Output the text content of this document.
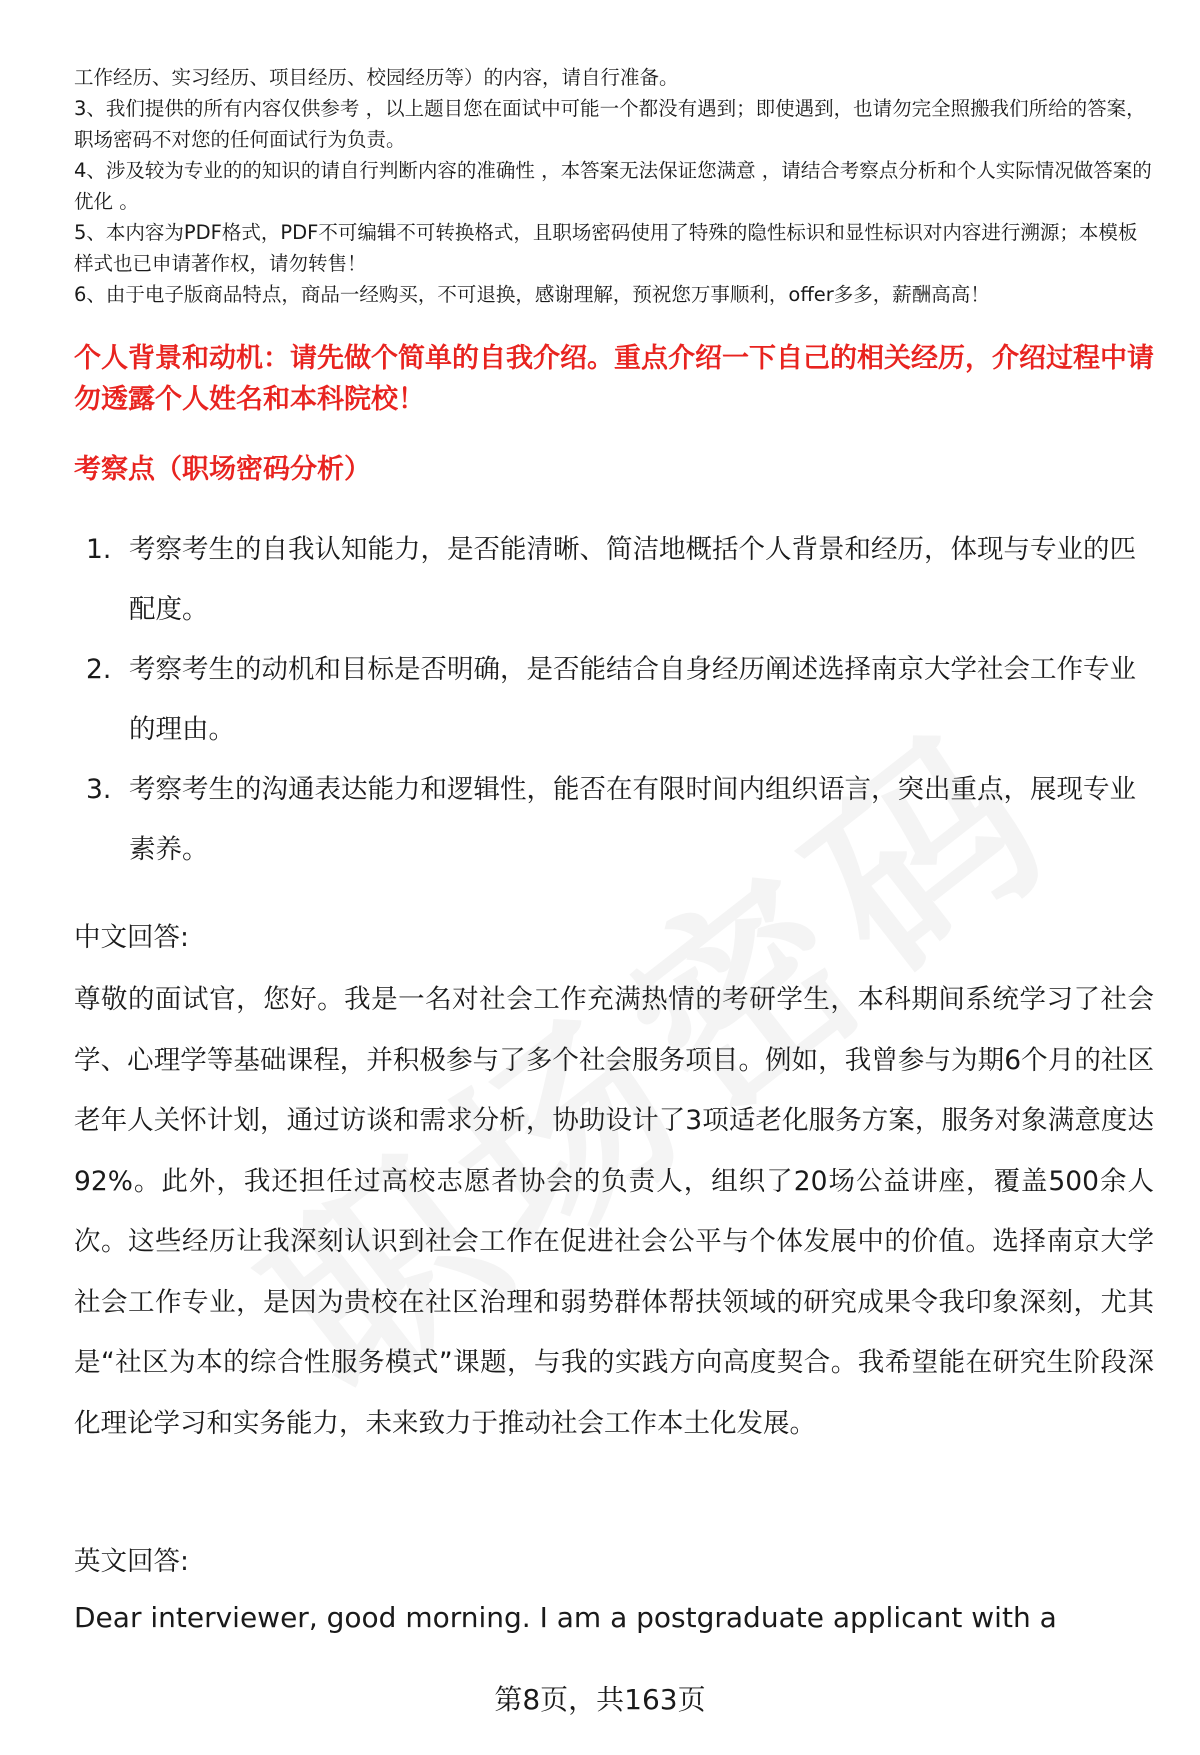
工作经历、实习经历、项目经历、校园经历等）的内容，请自行准备。

3、我们提供的所有内容仅供参考 ，以上题目您在面试中可能一个都没有遇到；即使遇到，也请勿完全照搬我们所给的答案，职场密码不对您的任何面试行为负责。

4、涉及较为专业的的知识的请自行判断内容的准确性 ，本答案无法保证您满意 ，请结合考察点分析和个人实际情况做答案的优化 。

5、本内容为PDF格式，PDF不可编辑不可转换格式，且职场密码使用了特殊的隐性标识和显性标识对内容进行溯源；本模板样式也已申请著作权，请勿转售！

6、由于电子版商品特点，商品一经购买，不可退换，感谢理解，预祝您万事顺利，offer多多，薪酬高高！

个人背景和动机：请先做个简单的自我介绍。重点介绍一下自己的相关经历，介绍过程中请勿透露个人姓名和本科院校！

考察点（职场密码分析）

1. 考察考生的自我认知能力，是否能清晰、简洁地概括个人背景和经历，体现与专业的匹配度。
2. 考察考生的动机和目标是否明确，是否能结合自身经历阐述选择南京大学社会工作专业的理由。
3. 考察考生的沟通表达能力和逻辑性，能否在有限时间内组织语言，突出重点，展现专业素养。

中文回答:

尊敬的面试官，您好。我是一名对社会工作充满热情的考研学生，本科期间系统学习了社会学、心理学等基础课程，并积极参与了多个社会服务项目。例如，我曾参与为期6个月的社区老年人关怀计划，通过访谈和需求分析，协助设计了3项适老化服务方案，服务对象满意度达92%。此外，我还担任过高校志愿者协会的负责人，组织了20场公益讲座，覆盖500余人次。这些经历让我深刻认识到社会工作在促进社会公平与个体发展中的价值。选择南京大学社会工作专业，是因为贵校在社区治理和弱势群体帮扶领域的研究成果令我印象深刻，尤其是“社区为本的综合性服务模式”课题，与我的实践方向高度契合。我希望能在研究生阶段深化理论学习和实务能力，未来致力于推动社会工作本土化发展。

英文回答:

Dear interviewer, good morning. I am a postgraduate applicant with a

第8页，共163页
